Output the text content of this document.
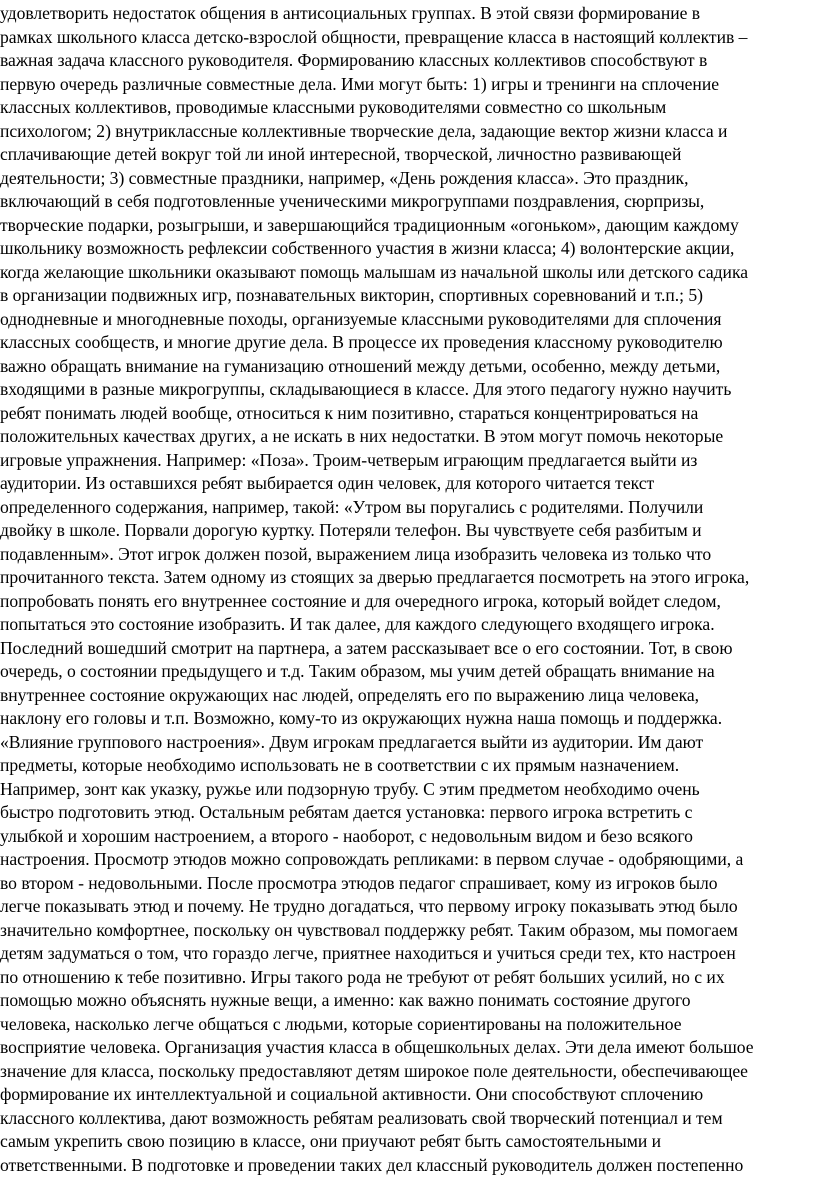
удовлетворить недостаток общения в антисоциальных группах. В этой связи формирование в
рамках школьного класса детско-взрослой общности, превращение класса в настоящий коллектив –
важная задача классного руководителя. Формированию классных коллективов способствуют в
первую очередь различные совместные дела. Ими могут быть: 1) игры и тренинги на сплочение
классных коллективов, проводимые классными руководителями совместно со школьным
психологом; 2) внутриклассные коллективные творческие дела, задающие вектор жизни класса и
сплачивающие детей вокруг той ли иной интересной, творческой, личностно развивающей
деятельности; 3) совместные праздники, например, «День рождения класса». Это праздник,
включающий в себя подготовленные ученическими микрогруппами поздравления, сюрпризы,
творческие подарки, розыгрыши, и завершающийся традиционным «огоньком», дающим каждому
школьнику возможность рефлексии собственного участия в жизни класса; 4) волонтерские акции,
когда желающие школьники оказывают помощь малышам из начальной школы или детского садика
в организации подвижных игр, познавательных викторин, спортивных соревнований и т.п.; 5)
однодневные и многодневные походы, организуемые классными руководителями для сплочения
классных сообществ, и многие другие дела. В процессе их проведения классному руководителю
важно обращать внимание на гуманизацию отношений между детьми, особенно, между детьми,
входящими в разные микрогруппы, складывающиеся в классе. Для этого педагогу нужно научить
ребят понимать людей вообще, относиться к ним позитивно, стараться концентрироваться на
положительных качествах других, а не искать в них недостатки. В этом могут помочь некоторые
игровые упражнения. Например: «Поза». Троим-четверым играющим предлагается выйти из
аудитории. Из оставшихся ребят выбирается один человек, для которого читается текст
определенного содержания, например, такой: «Утром вы поругались с родителями. Получили
двойку в школе. Порвали дорогую куртку. Потеряли телефон. Вы чувствуете себя разбитым и
подавленным». Этот игрок должен позой, выражением лица изобразить человека из только что
прочитанного текста. Затем одному из стоящих за дверью предлагается посмотреть на этого игрока,
попробовать понять его внутреннее состояние и для очередного игрока, который войдет следом,
попытаться это состояние изобразить. И так далее, для каждого следующего входящего игрока.
Последний вошедший смотрит на партнера, а затем рассказывает все о его состоянии. Тот, в свою
очередь, о состоянии предыдущего и т.д. Таким образом, мы учим детей обращать внимание на
внутреннее состояние окружающих нас людей, определять его по выражению лица человека,
наклону его головы и т.п. Возможно, кому-то из окружающих нужна наша помощь и поддержка.
«Влияние группового настроения». Двум игрокам предлагается выйти из аудитории. Им дают
предметы, которые необходимо использовать не в соответствии с их прямым назначением.
Например, зонт как указку, ружье или подзорную трубу. С этим предметом необходимо очень
быстро подготовить этюд. Остальным ребятам дается установка: первого игрока встретить с
улыбкой и хорошим настроением, а второго - наоборот, с недовольным видом и безо всякого
настроения. Просмотр этюдов можно сопровождать репликами: в первом случае - одобряющими, а
во втором - недовольными. После просмотра этюдов педагог спрашивает, кому из игроков было
легче показывать этюд и почему. Не трудно догадаться, что первому игроку показывать этюд было
значительно комфортнее, поскольку он чувствовал поддержку ребят. Таким образом, мы помогаем
детям задуматься о том, что гораздо легче, приятнее находиться и учиться среди тех, кто настроен
по отношению к тебе позитивно. Игры такого рода не требуют от ребят больших усилий, но с их
помощью можно объяснять нужные вещи, а именно: как важно понимать состояние другого
человека, насколько легче общаться с людьми, которые сориентированы на положительное
восприятие человека. Организация участия класса в общешкольных делах. Эти дела имеют большое
значение для класса, поскольку предоставляют детям широкое поле деятельности, обеспечивающее
формирование их интеллектуальной и социальной активности. Они способствуют сплочению
классного коллектива, дают возможность ребятам реализовать свой творческий потенциал и тем
самым укрепить свою позицию в классе, они приучают ребят быть самостоятельными и
ответственными. В подготовке и проведении таких дел классный руководитель должен постепенно
